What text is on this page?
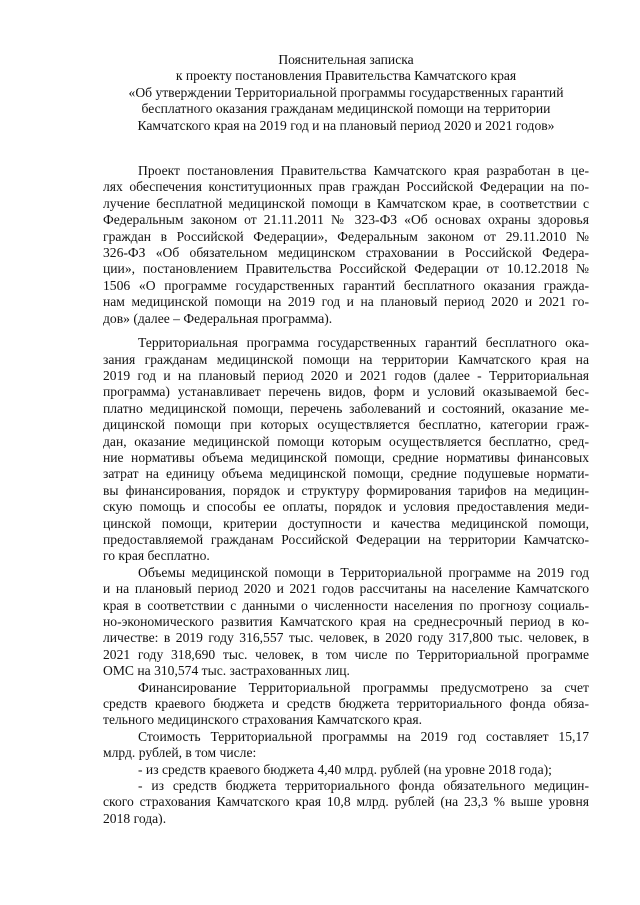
Пояснительная записка
к проекту постановления Правительства Камчатского края
«Об утверждении Территориальной программы государственных гарантий
бесплатного оказания гражданам медицинской помощи на территории
Камчатского края на 2019 год и на плановый период 2020 и 2021 годов»
Проект постановления Правительства Камчатского края разработан в це-
лях обеспечения конституционных прав граждан Российской Федерации на по-
лучение бесплатной медицинской помощи в Камчатском крае, в соответствии с
Федеральным законом от 21.11.2011 № 323-ФЗ «Об основах охраны здоровья
граждан в Российской Федерации», Федеральным законом от 29.11.2010 №
326-ФЗ «Об обязательном медицинском страховании в Российской Федера-
ции», постановлением Правительства Российской Федерации от 10.12.2018 №
1506 «О программе государственных гарантий бесплатного оказания гражда-
нам медицинской помощи на 2019 год и на плановый период 2020 и 2021 го-
дов» (далее – Федеральная программа).
Территориальная программа государственных гарантий бесплатного ока-
зания гражданам медицинской помощи на территории Камчатского края на
2019 год и на плановый период 2020 и 2021 годов (далее - Территориальная
программа) устанавливает перечень видов, форм и условий оказываемой бес-
платно медицинской помощи, перечень заболеваний и состояний, оказание ме-
дицинской помощи при которых осуществляется бесплатно, категории граж-
дан, оказание медицинской помощи которым осуществляется бесплатно, сред-
ние нормативы объема медицинской помощи, средние нормативы финансовых
затрат на единицу объема медицинской помощи, средние подушевые нормати-
вы финансирования, порядок и структуру формирования тарифов на медицин-
скую помощь и способы ее оплаты, порядок и условия предоставления меди-
цинской помощи, критерии доступности и качества медицинской помощи,
предоставляемой гражданам Российской Федерации на территории Камчатско-
го края бесплатно.
Объемы медицинской помощи в Территориальной программе на 2019 год
и на плановый период 2020 и 2021 годов рассчитаны на население Камчатского
края в соответствии с данными о численности населения по прогнозу социаль-
но-экономического развития Камчатского края на среднесрочный период в ко-
личестве: в 2019 году 316,557 тыс. человек, в 2020 году 317,800 тыс. человек, в
2021 году 318,690 тыс. человек, в том числе по Территориальной программе
ОМС на 310,574 тыс. застрахованных лиц.
Финансирование Территориальной программы предусмотрено за счет
средств краевого бюджета и средств бюджета территориального фонда обяза-
тельного медицинского страхования Камчатского края.
Стоимость Территориальной программы на 2019 год составляет 15,17
млрд. рублей, в том числе:
- из средств краевого бюджета 4,40 млрд. рублей (на уровне 2018 года);
- из средств бюджета территориального фонда обязательного медицин-
ского страхования Камчатского края 10,8 млрд. рублей (на 23,3 % выше уровня
2018 года).
